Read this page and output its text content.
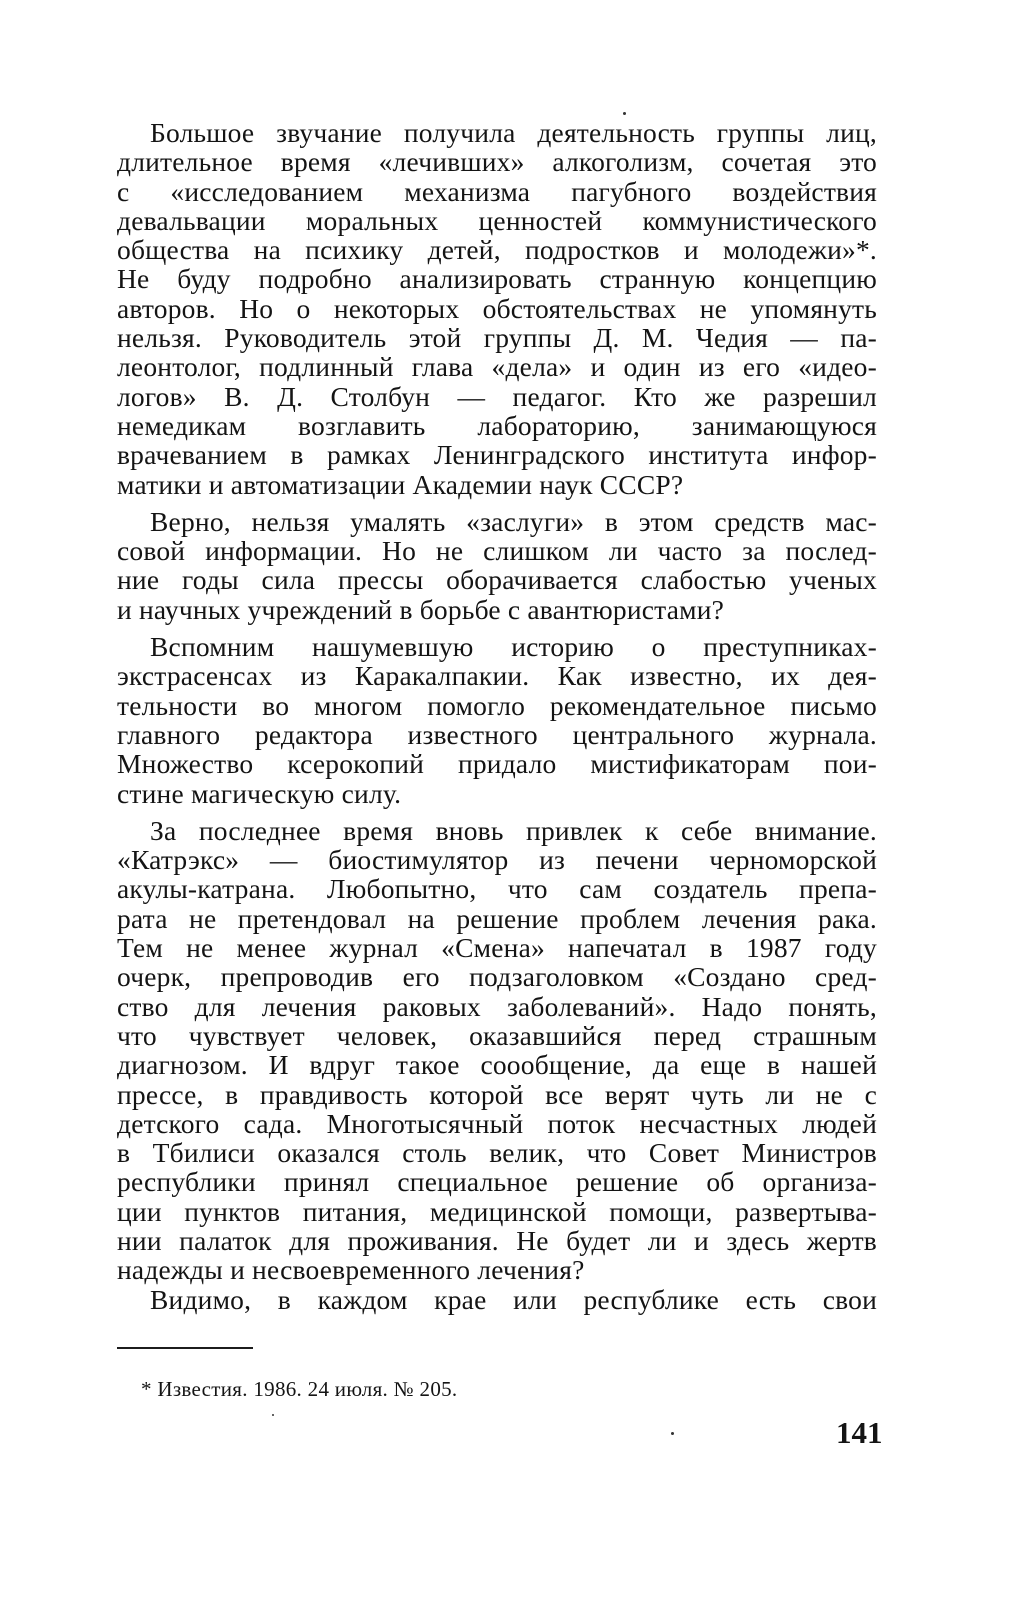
Большое звучание получила деятельность группы лиц,
длительное время «лечивших» алкоголизм, сочетая это
с «исследованием механизма пагубного воздействия
девальвации моральных ценностей коммунистического
общества на психику детей, подростков и молодежи»*.
Не буду подробно анализировать странную концепцию
авторов. Но о некоторых обстоятельствах не упомянуть
нельзя. Руководитель этой группы Д. М. Чедия — па-
леонтолог, подлинный глава «дела» и один из его «идео-
логов» В. Д. Столбун — педагог. Кто же разрешил
немедикам возглавить лабораторию, занимающуюся
врачеванием в рамках Ленинградского института инфор-
матики и автоматизации Академии наук СССР?
Верно, нельзя умалять «заслуги» в этом средств мас-
совой информации. Но не слишком ли часто за послед-
ние годы сила прессы оборачивается слабостью ученых
и научных учреждений в борьбе с авантюристами?
Вспомним нашумевшую историю о преступниках-
экстрасенсах из Каракалпакии. Как известно, их дея-
тельности во многом помогло рекомендательное письмо
главного редактора известного центрального журнала.
Множество ксерокопий придало мистификаторам пои-
стине магическую силу.
За последнее время вновь привлек к себе внимание.
«Катрэкс» — биостимулятор из печени черноморской
акулы-катрана. Любопытно, что сам создатель препа-
рата не претендовал на решение проблем лечения рака.
Тем не менее журнал «Смена» напечатал в 1987 году
очерк, препроводив его подзаголовком «Создано сред-
ство для лечения раковых заболеваний». Надо понять,
что чувствует человек, оказавшийся перед страшным
диагнозом. И вдруг такое соообщение, да еще в нашей
прессе, в правдивость которой все верят чуть ли не с
детского сада. Многотысячный поток несчастных людей
в Тбилиси оказался столь велик, что Совет Министров
республики принял специальное решение об организа-
ции пунктов питания, медицинской помощи, развертыва-
нии палаток для проживания. Не будет ли и здесь жертв
надежды и несвоевременного лечения?
Видимо, в каждом крае или республике есть свои
* Известия. 1986. 24 июля. № 205.
141
